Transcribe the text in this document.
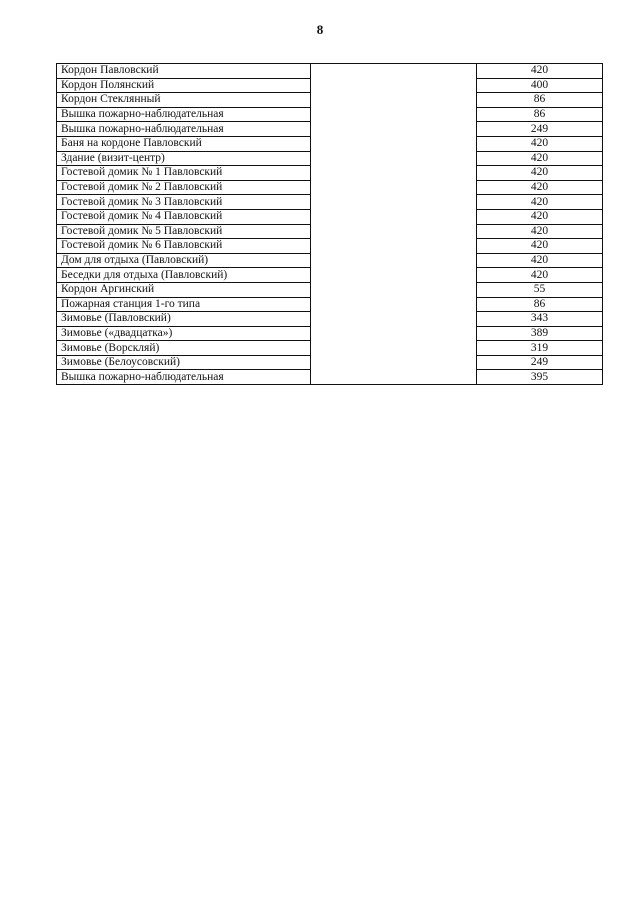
8
Кордон Павловский		420
Кордон Полянский		400
Кордон Стеклянный		86
Вышка пожарно-наблюдательная		86
Вышка пожарно-наблюдательная		249
Баня на кордоне Павловский		420
Здание (визит-центр)		420
Гостевой домик № 1 Павловский		420
Гостевой домик № 2 Павловский		420
Гостевой домик № 3 Павловский		420
Гостевой домик № 4 Павловский		420
Гостевой домик № 5 Павловский		420
Гостевой домик № 6 Павловский		420
Дом для отдыха (Павловский)		420
Беседки для отдыха (Павловский)		420
Кордон Аргинский		55
Пожарная станция 1-го типа		86
Зимовье (Павловский)		343
Зимовье («двадцатка»)		389
Зимовье (Ворскляй)		319
Зимовье (Белоусовский)		249
Вышка пожарно-наблюдательная		395
